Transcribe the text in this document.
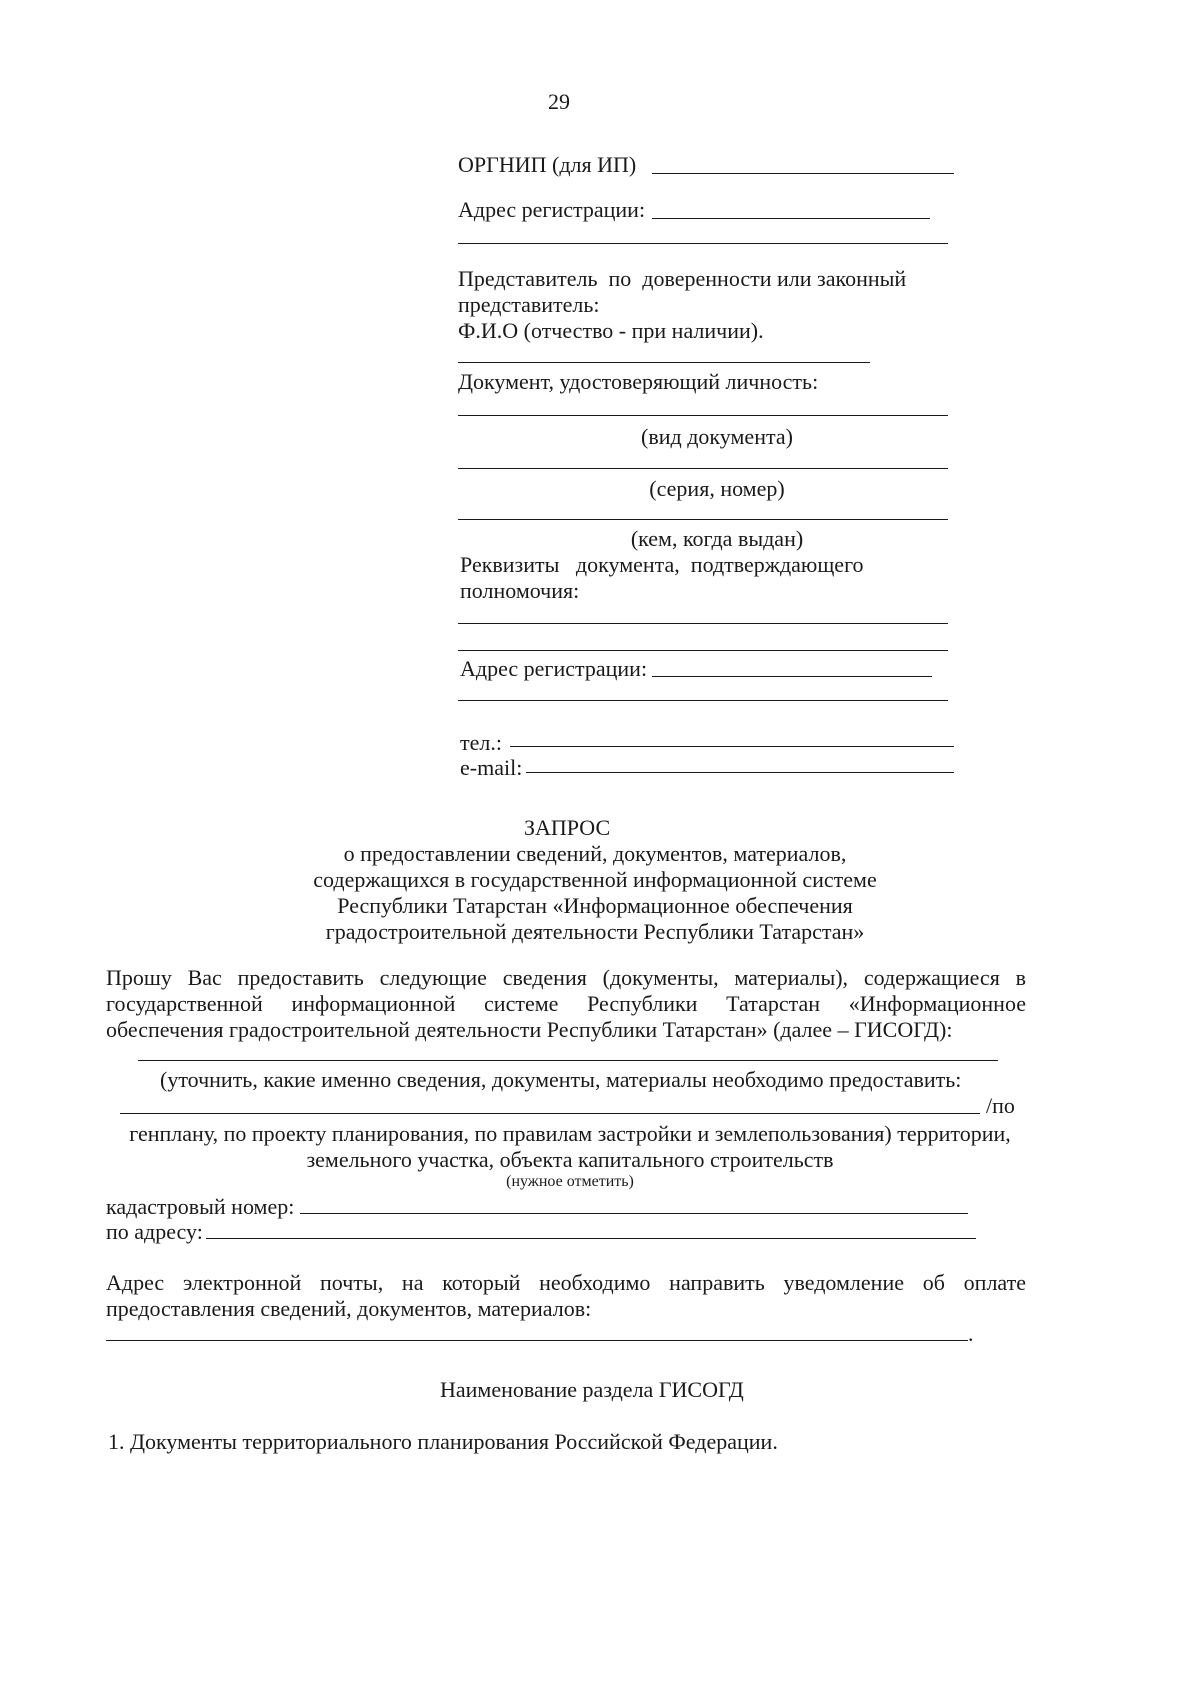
29
ОРГНИП (для ИП)
Адрес регистрации:
Представитель  по  доверенности или законный
представитель:
Ф.И.О (отчество - при наличии).
Документ, удостоверяющий личность:
(вид документа)
(серия, номер)
(кем, когда выдан)
Реквизиты   документа,  подтверждающего
полномочия:
Адрес регистрации:
тел.:
e-mail:
ЗАПРОС
о предоставлении сведений, документов, материалов,
содержащихся в государственной информационной системе
Республики Татарстан «Информационное обеспечения
градостроительной деятельности Республики Татарстан»
Прошу Вас предоставить следующие сведения (документы, материалы), содержащиеся в
государственной информационной системе Республики Татарстан «Информационное
обеспечения градостроительной деятельности Республики Татарстан» (далее – ГИСОГД):
(уточнить, какие именно сведения, документы, материалы необходимо предоставить:
/по
генплану, по проекту планирования, по правилам застройки и землепользования) территории,
земельного участка, объекта капитального строительств
(нужное отметить)
кадастровый номер:
по адресу:
Адрес электронной почты, на который необходимо направить уведомление об оплате
предоставления сведений, документов, материалов:
.
Наименование раздела ГИСОГД
1. Документы территориального планирования Российской Федерации.
